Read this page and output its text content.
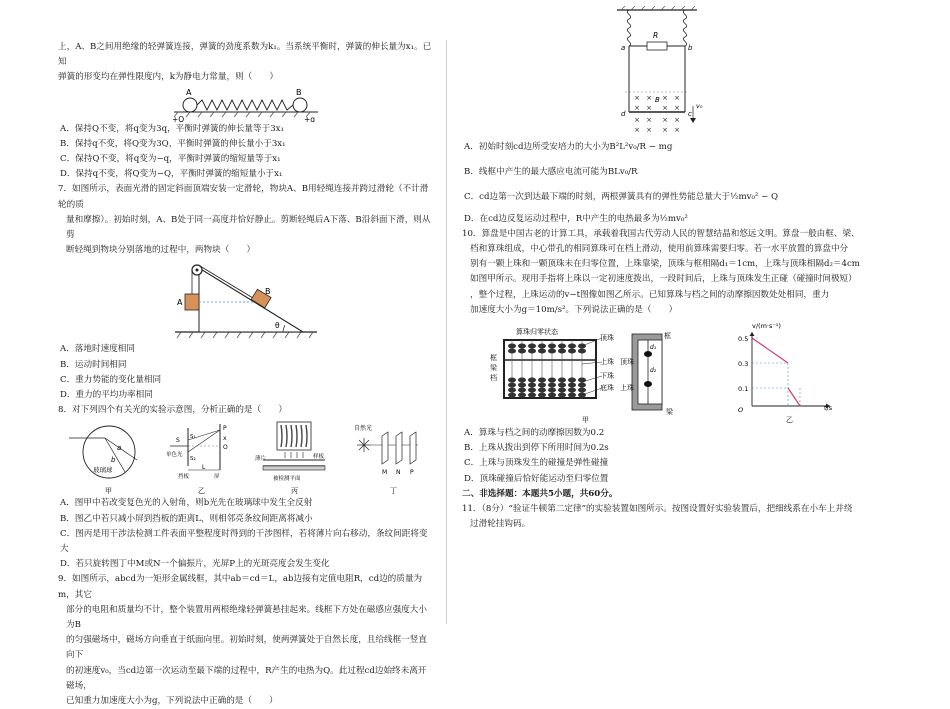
上，A、B之间用绝缘的轻弹簧连接，弹簧的劲度系数为k₁。当系统平衡时，弹簧的伸长量为x₁。已知

弹簧的形变均在弹性限度内，k为静电力常量，则（　　）

A	B
+Q	+q

A．保持Q不变，将q变为3q，平衡时弹簧的伸长量等于3x₁

B．保持q不变，将Q变为3Q，平衡时弹簧的伸长量小于3x₁

C．保持Q不变，将q变为−q，平衡时弹簧的缩短量等于x₁

D．保持q不变，将Q变为−Q，平衡时弹簧的缩短量小于x₁

7．如图所示，表面光滑的固定斜面顶端安装一定滑轮，物块A、B用轻绳连接并跨过滑轮（不计滑轮的质

量和摩擦）。初始时刻，A、B处于同一高度并恰好静止。剪断轻绳后A下落、B沿斜面下滑，则从剪

断轻绳到物块分别落地的过程中，两物块（　　）

A
B
θ

A．落地时速度相同

B．运动时间相同

C．重力势能的变化量相同

D．重力的平均功率相同

8．对下列四个有关光的实验示意图，分析正确的是（　　）

a
b
玻璃球
甲
S S₁
S₂
P
x
O
L
单色光
挡板	屏
乙
薄片	样板
被检测平面
丙
自然光
M N P
丁

A．图甲中若改变复色光的入射角，则b光先在玻璃球中发生全反射

B．图乙中若只减小屏到挡板的距离L，则相邻亮条纹间距离将减小

C．图丙是用干涉法检测工件表面平整程度时得到的干涉图样，若将薄片向右移动，条纹间距将变大

D．若只旋转图丁中M或N一个偏振片，光屏P上的光斑亮度会发生变化

9．如图所示，abcd为一矩形金属线框，其中ab＝cd＝L，ab边接有定值电阻R，cd边的质量为m，其它

部分的电阻和质量均不计，整个装置用两根绝缘轻弹簧悬挂起来。线框下方处在磁感应强度大小为B

的匀强磁场中，磁场方向垂直于纸面向里。初始时刻，使两弹簧处于自然长度，且给线框一竖直向下

的初速度v₀，当cd边第一次运动至最下端的过程中，R产生的电热为Q。此过程cd边始终未离开磁场，

已知重力加速度大小为g，下列说法中正确的是（　　）

R
a	b
d	c
v₀
× × × ×
× × × ×
× × × ×
× × × ×
B

A．初始时刻cd边所受安培力的大小为B²L²v₀/R − mg

B．线框中产生的最大感应电流可能为BLv₀/R

C．cd边第一次到达最下端的时刻，两根弹簧具有的弹性势能总量大于½mv₀² − Q

D．在cd边反复运动过程中，R中产生的电热最多为½mv₀²

10．算盘是中国古老的计算工具，承载着我国古代劳动人民的智慧结晶和悠远文明。算盘一般由框、梁、

档和算珠组成，中心带孔的相同算珠可在档上滑动，使用前算珠需要归零。若一水平放置的算盘中分

别有一颗上珠和一颗顶珠未在归零位置，上珠靠梁，顶珠与框相隔d₁＝1cm，上珠与顶珠相隔d₂＝4cm

如图甲所示。现用手指将上珠以一定初速度拨出，一段时间后，上珠与顶珠发生正碰（碰撞时间极短）

，整个过程，上珠运动的v−t图像如图乙所示。已知算珠与档之间的动摩擦因数处处相同，重力

加速度大小为g＝10m/s²。下列说法正确的是（　　）

算珠归零状态
框
梁
档
顶珠
上珠
下珠
底珠
框
顶珠
上珠
梁
d₁
d₂
甲
v/(m·s⁻¹)
t/s
O
0.5
0.3
0.1
乙

A．算珠与档之间的动摩擦因数为0.2

B．上珠从拨出到停下所用时间为0.2s

C．上珠与顶珠发生的碰撞是弹性碰撞

D．顶珠碰撞后恰好能运动至归零位置

二、非选择题：本题共5小题，共60分。

11．（8分）“验证牛顿第二定律”的实验装置如图所示。按图设置好实验装置后，把细线系在小车上并绕

过滑轮挂钩码。
